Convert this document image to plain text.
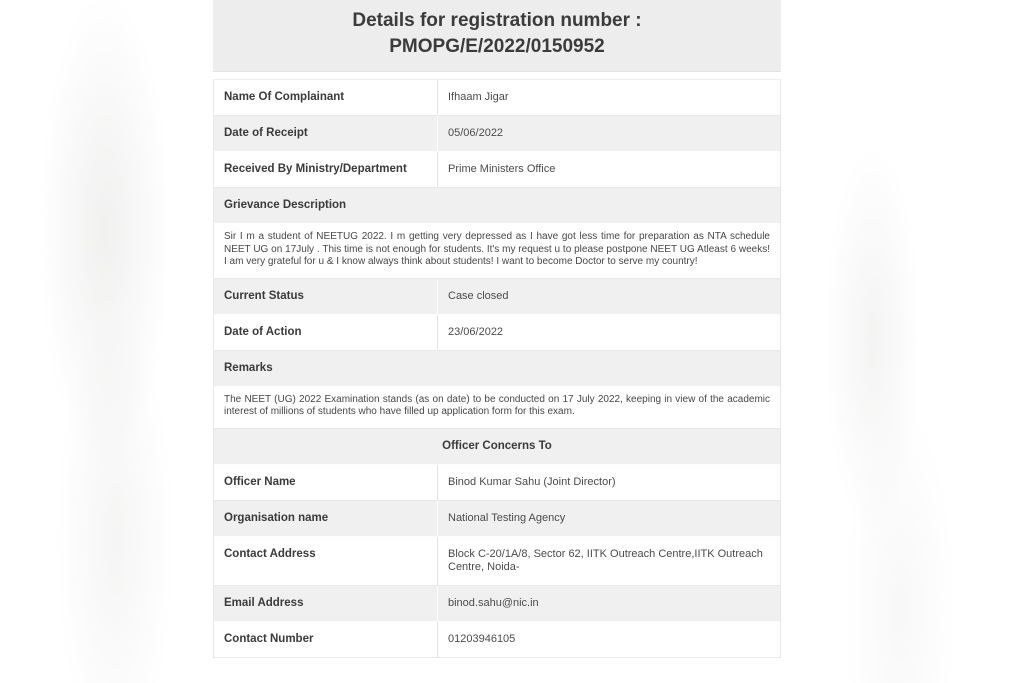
Details for registration number :
PMOPG/E/2022/0150952
Name Of Complainant	Ifhaam Jigar
Date of Receipt	05/06/2022
Received By Ministry/Department	Prime Ministers Office
Grievance Description
Sir I m a student of NEETUG 2022. I m getting very depressed as I have got less time for preparation as NTA schedule NEET UG on 17July . This time is not enough for students. It's my request u to please postpone NEET UG Atleast 6 weeks! I am very grateful for u & I know always think about students! I want to become Doctor to serve my country!
Current Status	Case closed
Date of Action	23/06/2022
Remarks
The NEET (UG) 2022 Examination stands (as on date) to be conducted on 17 July 2022, keeping in view of the academic interest of millions of students who have filled up application form for this exam.
Officer Concerns To
Officer Name	Binod Kumar Sahu (Joint Director)
Organisation name	National Testing Agency
Contact Address	Block C-20/1A/8, Sector 62, IITK Outreach Centre,IITK Outreach Centre, Noida-
Email Address	binod.sahu@nic.in
Contact Number	01203946105
